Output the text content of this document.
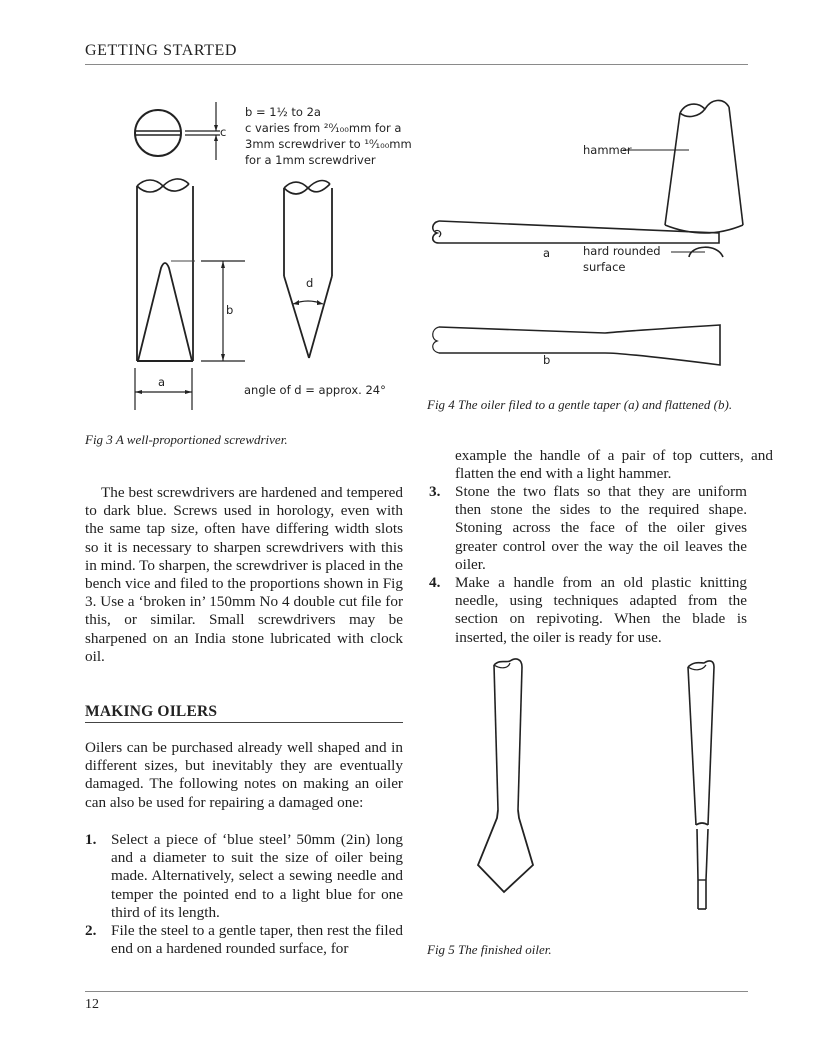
GETTING STARTED
c
b = 1½ to 2a
c varies from ²⁰⁄₁₀₀mm for a
3mm screwdriver to ¹⁰⁄₁₀₀mm
for a 1mm screwdriver
b
a
d
angle of d = approx. 24°
Fig 3 A well-proportioned screwdriver.
hammer
hard rounded
surface
a
b
Fig 4 The oiler filed to a gentle taper (a) and flattened (b).

The best screwdrivers are hardened and tempered to dark blue. Screws used in horology, even with the same tap size, often have differing width slots so it is necessary to sharpen screwdrivers with this in mind. To sharpen, the screwdriver is placed in the bench vice and filed to the proportions shown in Fig 3. Use a ‘broken in’ 150mm No 4 double cut file for this, or similar. Small screwdrivers may be sharpened on an India stone lubricated with clock oil.

MAKING OILERS

Oilers can be purchased already well shaped and in different sizes, but inevitably they are eventually damaged. The following notes on making an oiler can also be used for repairing a damaged one:

1. Select a piece of ‘blue steel’ 50mm (2in) long and a diameter to suit the size of oiler being made. Alternatively, select a sewing needle and temper the pointed end to a light blue for one third of its length.
2. File the steel to a gentle taper, then rest the filed end on a hardened rounded surface, for
example the handle of a pair of top cutters, and flatten the end with a light hammer.
3. Stone the two flats so that they are uniform then stone the sides to the required shape. Stoning across the face of the oiler gives greater control over the way the oil leaves the oiler.
4. Make a handle from an old plastic knitting needle, using techniques adapted from the section on repivoting. When the blade is inserted, the oiler is ready for use.
Fig 5 The finished oiler.
12
